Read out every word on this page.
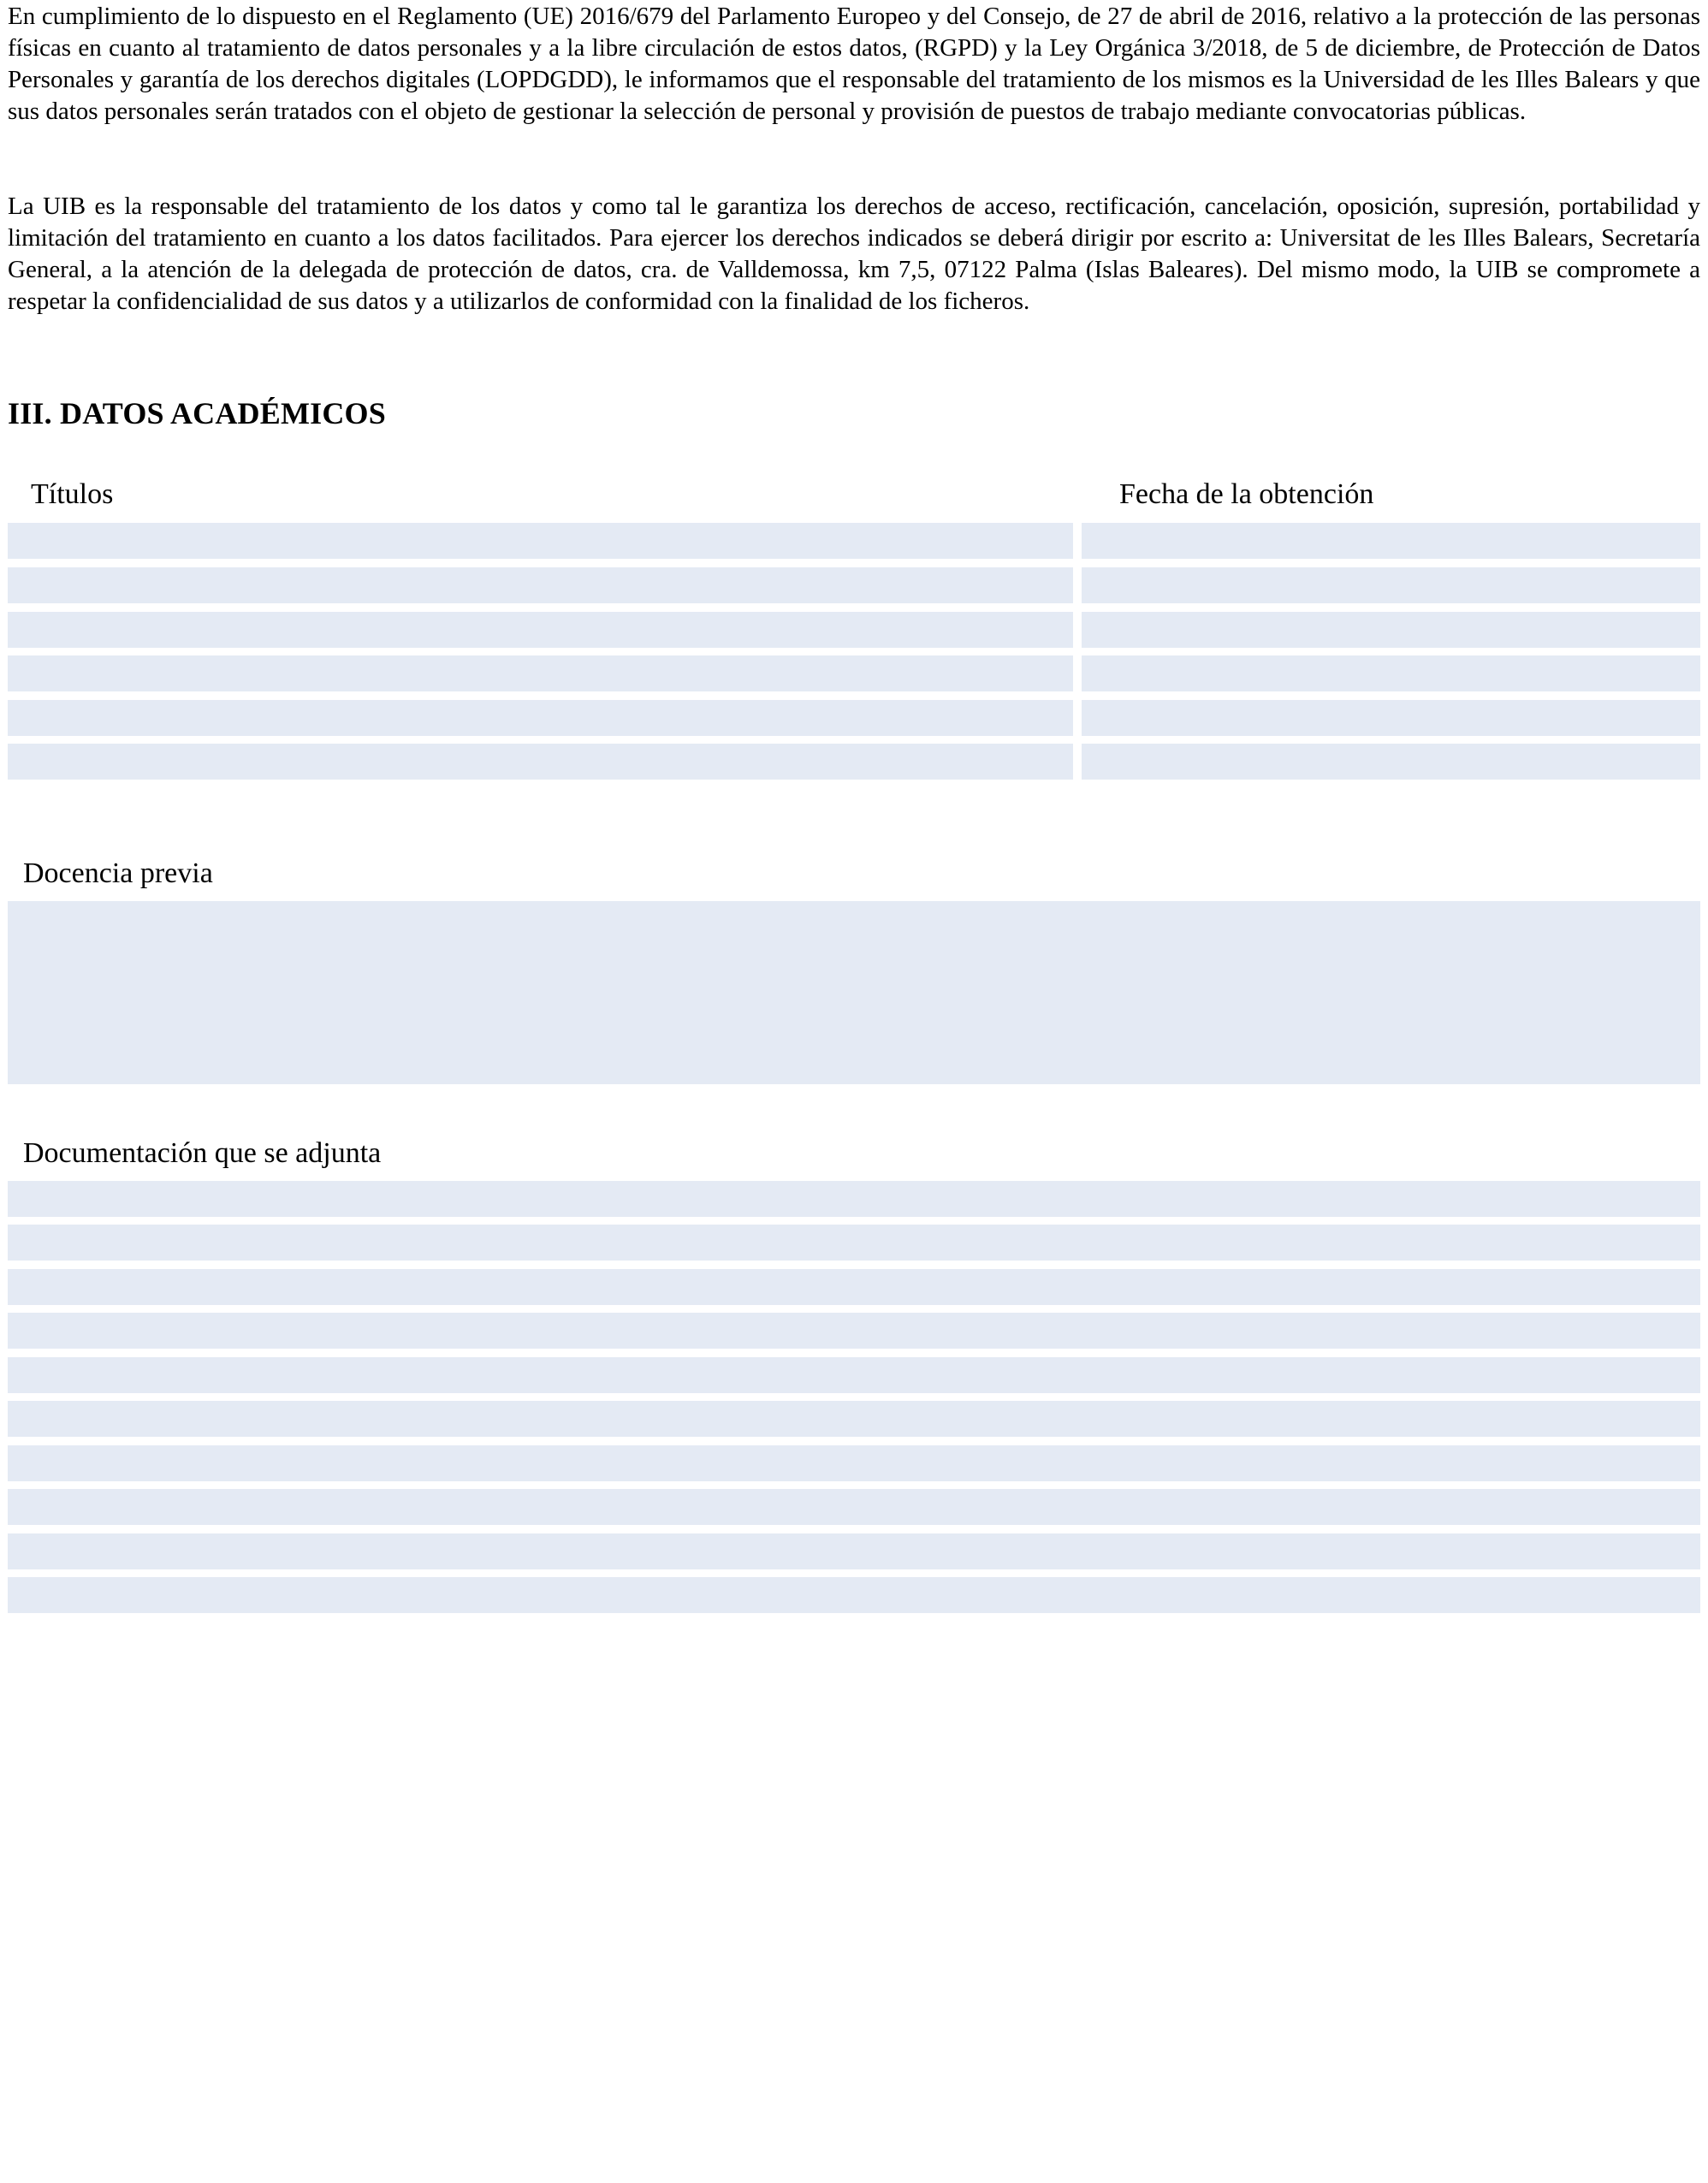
En cumplimiento de lo dispuesto en el Reglamento (UE) 2016/679 del Parlamento Europeo y del Consejo, de 27 de abril de 2016, relativo a la protección de las personas físicas en cuanto al tratamiento de datos personales y a la libre circulación de estos datos, (RGPD) y la Ley Orgánica 3/2018, de 5 de diciembre, de Protección de Datos Personales y garantía de los derechos digitales (LOPDGDD), le informamos que el responsable del tratamiento de los mismos es la Universidad de les Illes Balears y que sus datos personales serán tratados con el objeto de gestionar la selección de personal y provisión de puestos de trabajo mediante convocatorias públicas.

La UIB es la responsable del tratamiento de los datos y como tal le garantiza los derechos de acceso, rectificación, cancelación, oposición, supresión, portabilidad y limitación del tratamiento en cuanto a los datos facilitados. Para ejercer los derechos indicados se deberá dirigir por escrito a: Universitat de les Illes Balears, Secretaría General, a la atención de la delegada de protección de datos, cra. de Valldemossa, km 7,5, 07122 Palma (Islas Baleares). Del mismo modo, la UIB se compromete a respetar la confidencialidad de sus datos y a utilizarlos de conformidad con la finalidad de los ficheros.

III. DATOS ACADÉMICOS
Títulos	Fecha de la obtención
Docencia previa
Documentación que se adjunta
